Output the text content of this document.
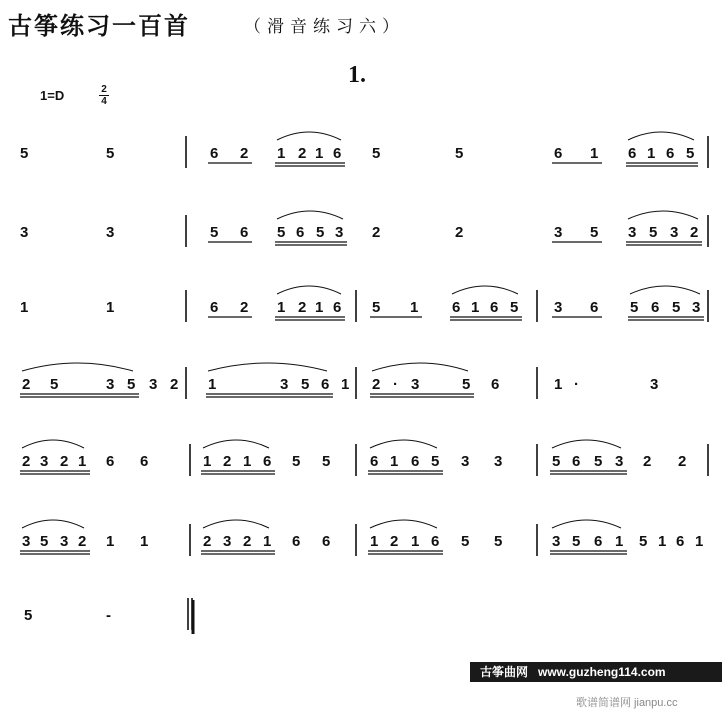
古筝练习一百首	（滑音练习六）
1.
1=D	2
4
5	5	6 2 1 2 1 6 5	5	6 1 6 1 6 5
3	3	5 6 5 6 5 3 2	2	3 5 3 5 3 2
1	1	6 2 1 2 1 6 5 1 6 1 6 5 3 6 5 6 5 3
2 5	3 5 3 2 1	3 5 6 1 2 · 3	5 6	1 ·	3
2 3 2 1 6 6	1 2 1 6 5 5	6 1 6 5 3 3	5 6 5 3 2 2
3 5 3 2 1 1	2 3 2 1 6 6	1 2 1 6 5 5	3 5 6 1 5 1 6 1
5	-
古筝曲网 www.guzheng114.com
歌谱简谱网 jianpu.cc
